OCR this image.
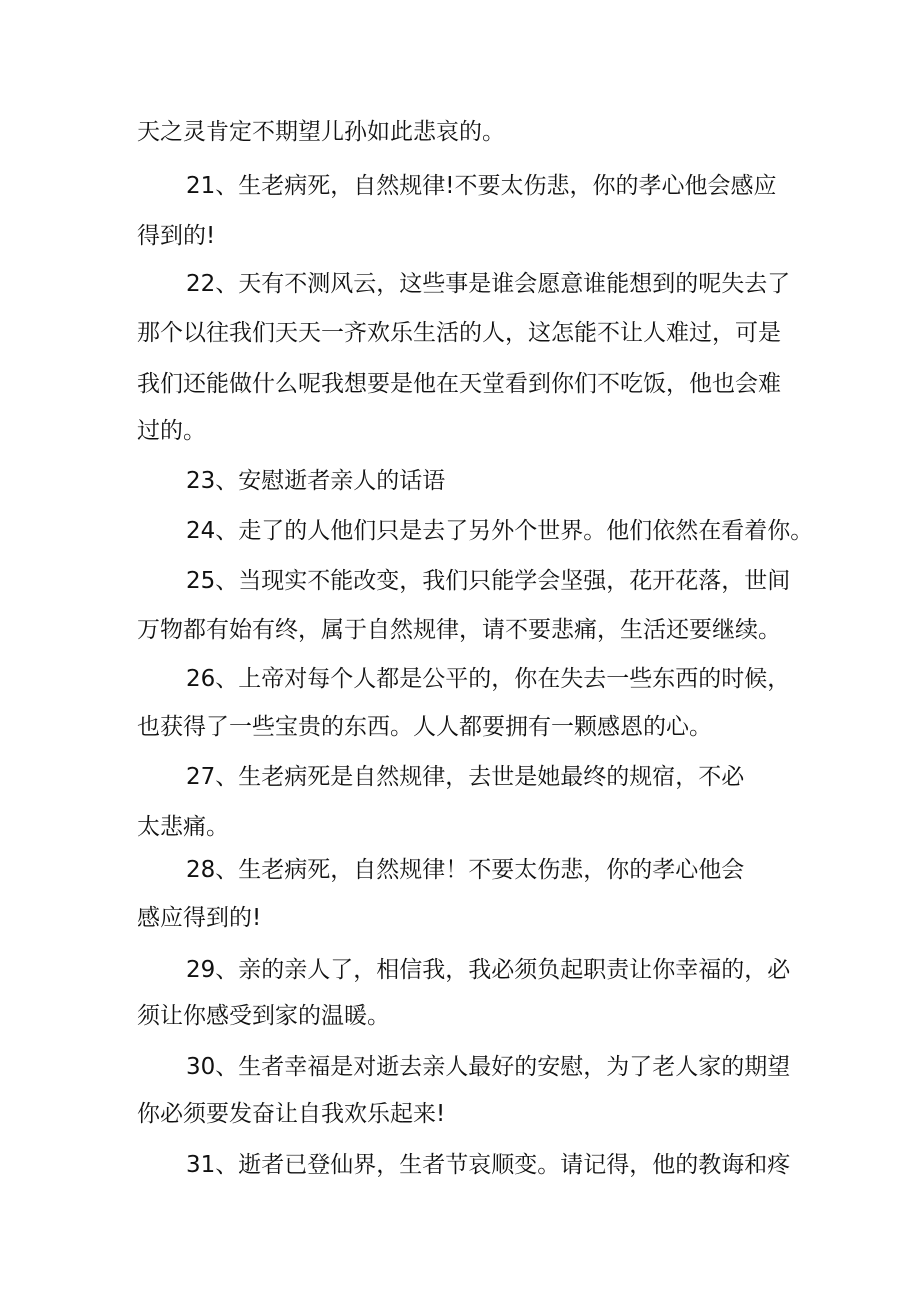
天之灵肯定不期望儿孙如此悲哀的。

21、生老病死，自然规律!不要太伤悲，你的孝心他会感应

得到的!

22、天有不测风云，这些事是谁会愿意谁能想到的呢失去了

那个以往我们天天一齐欢乐生活的人，这怎能不让人难过，可是

我们还能做什么呢我想要是他在天堂看到你们不吃饭，他也会难

过的。

23、安慰逝者亲人的话语

24、走了的人他们只是去了另外个世界。他们依然在看着你。

25、当现实不能改变，我们只能学会坚强，花开花落，世间

万物都有始有终，属于自然规律，请不要悲痛，生活还要继续。

26、上帝对每个人都是公平的，你在失去一些东西的时候，

也获得了一些宝贵的东西。人人都要拥有一颗感恩的心。

27、生老病死是自然规律，去世是她最终的规宿，不必

太悲痛。

28、生老病死，自然规律！不要太伤悲，你的孝心他会

感应得到的!

29、亲的亲人了，相信我，我必须负起职责让你幸福的，必

须让你感受到家的温暖。

30、生者幸福是对逝去亲人最好的安慰，为了老人家的期望

你必须要发奋让自我欢乐起来!

31、逝者已登仙界，生者节哀顺变。请记得，他的教诲和疼
